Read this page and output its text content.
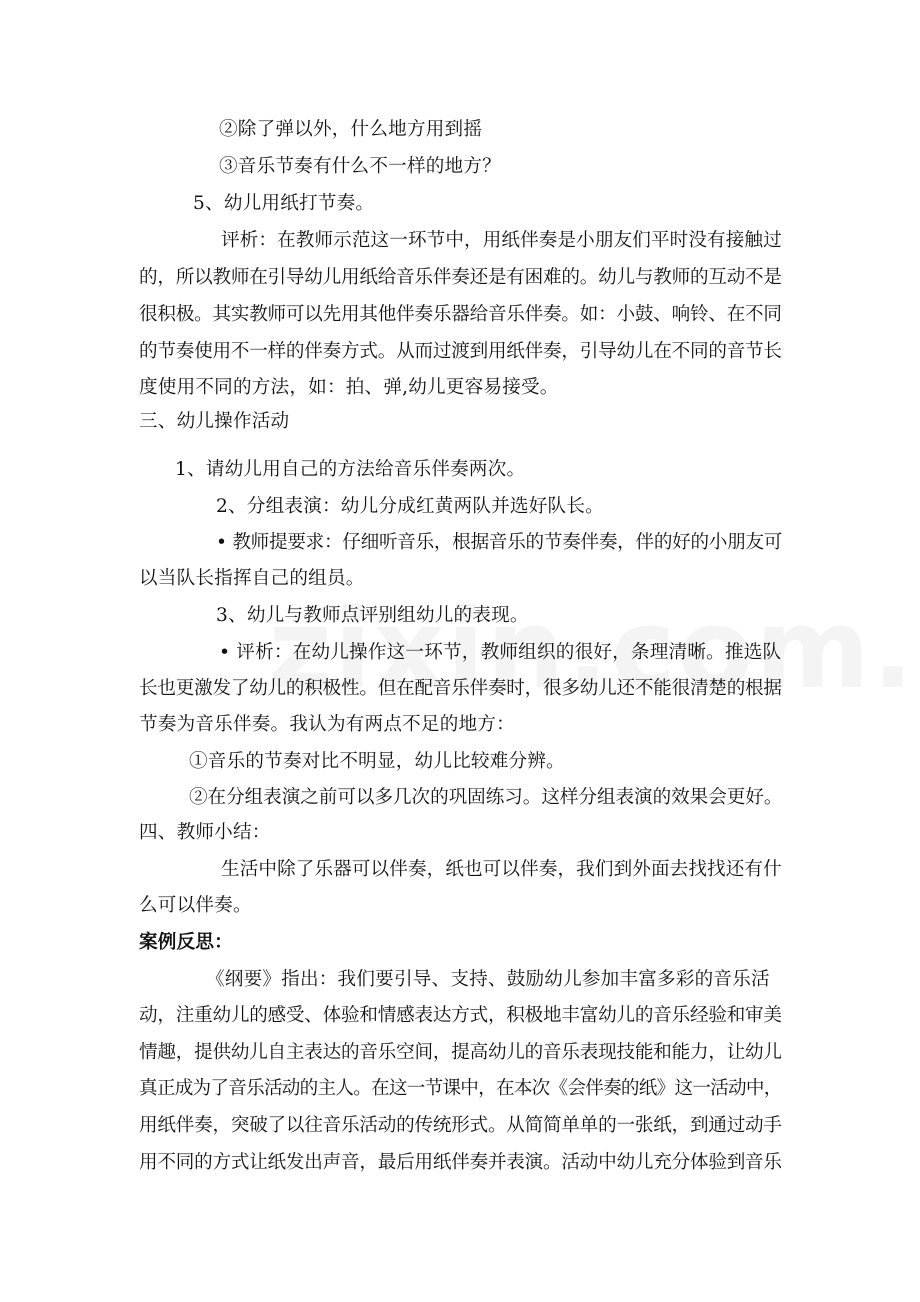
②除了弹以外，什么地方用到摇
③音乐节奏有什么不一样的地方？
5、幼儿用纸打节奏。
评析：在教师示范这一环节中，用纸伴奏是小朋友们平时没有接触过
的，所以教师在引导幼儿用纸给音乐伴奏还是有困难的。幼儿与教师的互动不是
很积极。其实教师可以先用其他伴奏乐器给音乐伴奏。如：小鼓、响铃、在不同
的节奏使用不一样的伴奏方式。从而过渡到用纸伴奏，引导幼儿在不同的音节长
度使用不同的方法，如：拍、弹,幼儿更容易接受。
三、幼儿操作活动
1、请幼儿用自己的方法给音乐伴奏两次。
2、分组表演：幼儿分成红黄两队并选好队长。
• 教师提要求：仔细听音乐，根据音乐的节奏伴奏，伴的好的小朋友可
以当队长指挥自己的组员。
3、幼儿与教师点评别组幼儿的表现。
• 评析：在幼儿操作这一环节，教师组织的很好，条理清晰。推选队
长也更激发了幼儿的积极性。但在配音乐伴奏时，很多幼儿还不能很清楚的根据
节奏为音乐伴奏。我认为有两点不足的地方：
①音乐的节奏对比不明显，幼儿比较难分辨。
②在分组表演之前可以多几次的巩固练习。这样分组表演的效果会更好。
四、教师小结：
生活中除了乐器可以伴奏，纸也可以伴奏，我们到外面去找找还有什
么可以伴奏。
案例反思：
《纲要》指出：我们要引导、支持、鼓励幼儿参加丰富多彩的音乐活
动，注重幼儿的感受、体验和情感表达方式，积极地丰富幼儿的音乐经验和审美
情趣，提供幼儿自主表达的音乐空间，提高幼儿的音乐表现技能和能力，让幼儿
真正成为了音乐活动的主人。在这一节课中，在本次《会伴奏的纸》这一活动中，
用纸伴奏，突破了以往音乐活动的传统形式。从简简单单的一张纸，到通过动手
用不同的方式让纸发出声音，最后用纸伴奏并表演。活动中幼儿充分体验到音乐
